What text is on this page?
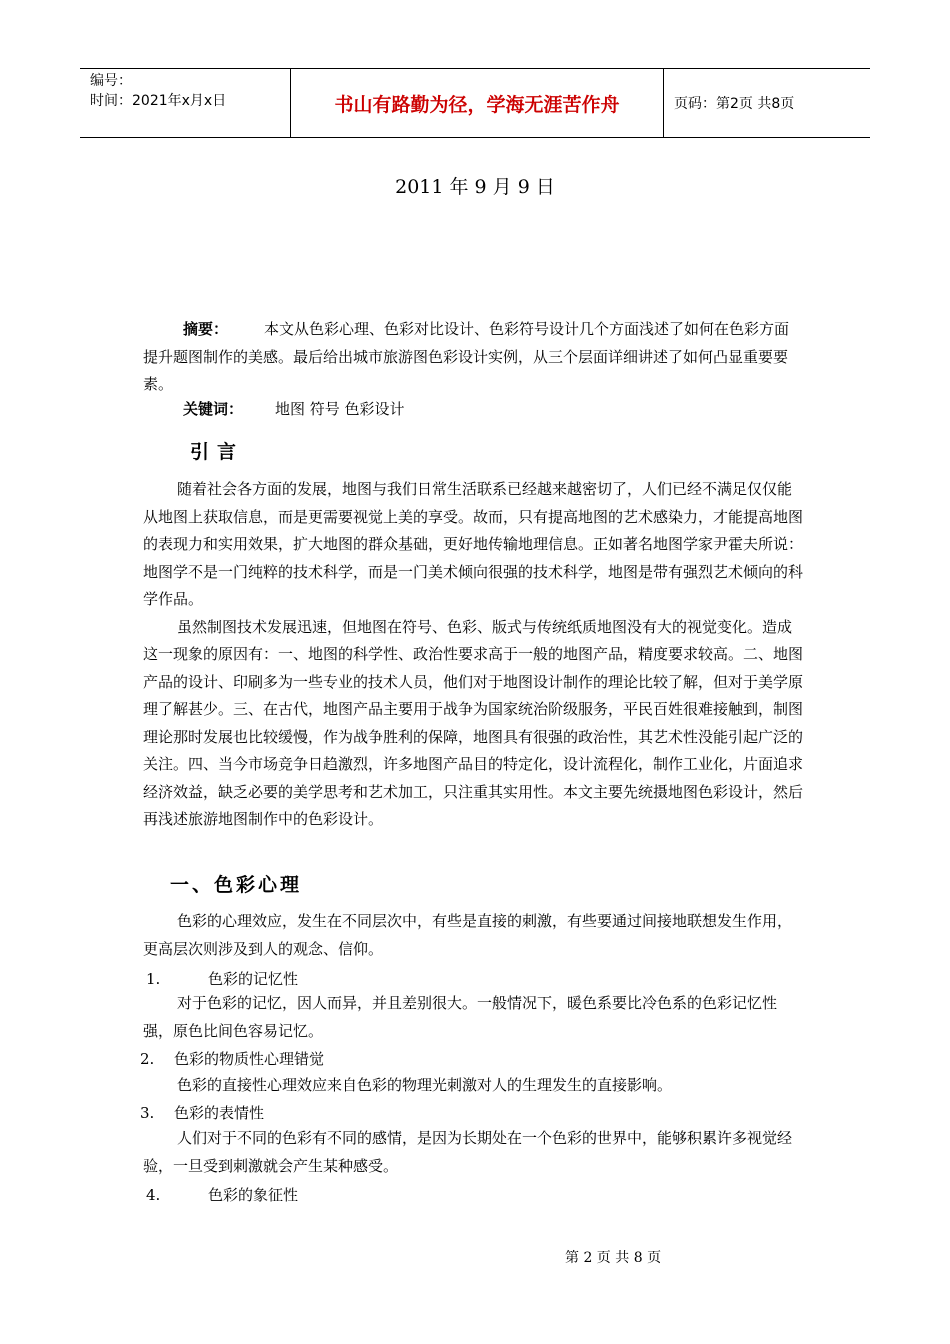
编号：
时间：2021年x月x日	书山有路勤为径，学海无涯苦作舟	页码：第2页 共8页
2011 年 9 月 9 日
摘要： 本文从色彩心理、色彩对比设计、色彩符号设计几个方面浅述了如何在色彩方面提升题图制作的美感。最后给出城市旅游图色彩设计实例，从三个层面详细讲述了如何凸显重要要素。
关键词： 地图 符号 色彩设计
引言

随着社会各方面的发展，地图与我们日常生活联系已经越来越密切了，人们已经不满足仅仅能从地图上获取信息，而是更需要视觉上美的享受。故而，只有提高地图的艺术感染力，才能提高地图的表现力和实用效果，扩大地图的群众基础，更好地传输地理信息。正如著名地图学家尹霍夫所说：地图学不是一门纯粹的技术科学，而是一门美术倾向很强的技术科学，地图是带有强烈艺术倾向的科学作品。

虽然制图技术发展迅速，但地图在符号、色彩、版式与传统纸质地图没有大的视觉变化。造成这一现象的原因有：一、地图的科学性、政治性要求高于一般的地图产品，精度要求较高。二、地图产品的设计、印刷多为一些专业的技术人员，他们对于地图设计制作的理论比较了解，但对于美学原理了解甚少。三、在古代，地图产品主要用于战争为国家统治阶级服务，平民百姓很难接触到，制图理论那时发展也比较缓慢，作为战争胜利的保障，地图具有很强的政治性，其艺术性没能引起广泛的关注。四、当今市场竞争日趋激烈，许多地图产品目的特定化，设计流程化，制作工业化，片面追求经济效益，缺乏必要的美学思考和艺术加工，只注重其实用性。本文主要先统摄地图色彩设计，然后再浅述旅游地图制作中的色彩设计。

一、色彩心理

色彩的心理效应，发生在不同层次中，有些是直接的刺激，有些要通过间接地联想发生作用，更高层次则涉及到人的观念、信仰。

1.	色彩的记忆性

对于色彩的记忆，因人而异，并且差别很大。一般情况下，暖色系要比冷色系的色彩记忆性强，原色比间色容易记忆。

2. 色彩的物质性心理错觉

色彩的直接性心理效应来自色彩的物理光刺激对人的生理发生的直接影响。

3. 色彩的表情性

人们对于不同的色彩有不同的感情，是因为长期处在一个色彩的世界中，能够积累许多视觉经验，一旦受到刺激就会产生某种感受。

4.	色彩的象征性
第 2 页 共 8 页
